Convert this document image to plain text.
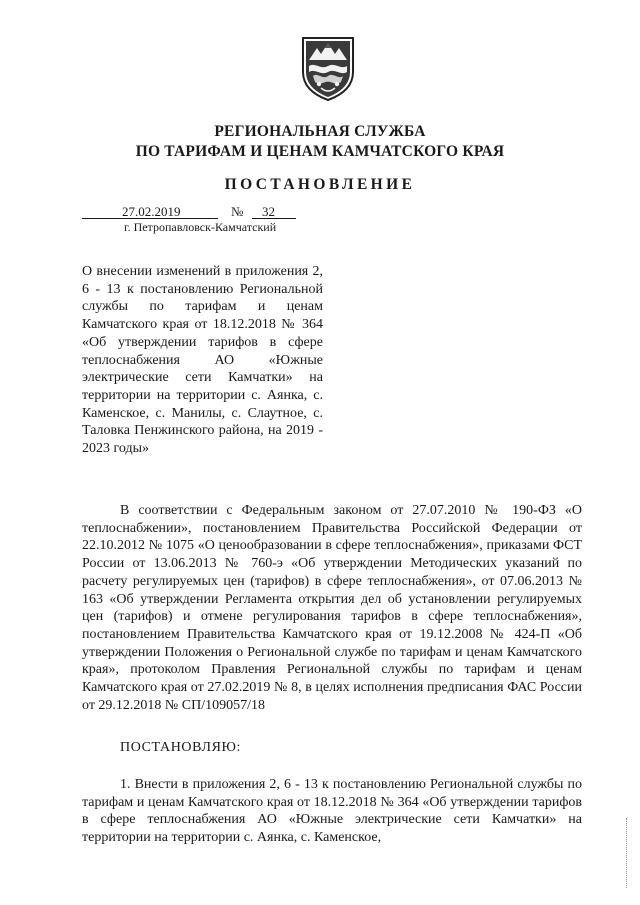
РЕГИОНАЛЬНАЯ СЛУЖБА
ПО ТАРИФАМ И ЦЕНАМ КАМЧАТСКОГО КРАЯ
ПОСТАНОВЛЕНИЕ
27.02.2019	№ 32
г. Петропавловск-Камчатский
О внесении изменений в приложения 2, 6 - 13 к постановлению Региональной службы по тарифам и ценам Камчатского края от 18.12.2018 № 364 «Об утверждении тарифов в сфере теплоснабжения АО «Южные электрические сети Камчатки» на территории на территории с. Аянка, с. Каменское, с. Манилы, с. Слаутное, с. Таловка Пенжинского района, на 2019 - 2023 годы»
В соответствии с Федеральным законом от 27.07.2010 № 190-ФЗ «О теплоснабжении», постановлением Правительства Российской Федерации от 22.10.2012 № 1075 «О ценообразовании в сфере теплоснабжения», приказами ФСТ России от 13.06.2013 № 760-э «Об утверждении Методических указаний по расчету регулируемых цен (тарифов) в сфере теплоснабжения», от 07.06.2013 № 163 «Об утверждении Регламента открытия дел об установлении регулируемых цен (тарифов) и отмене регулирования тарифов в сфере теплоснабжения», постановлением Правительства Камчатского края от 19.12.2008 № 424-П «Об утверждении Положения о Региональной службе по тарифам и ценам Камчатского края», протоколом Правления Региональной службы по тарифам и ценам Камчатского края от 27.02.2019 № 8, в целях исполнения предписания ФАС России от 29.12.2018 № СП/109057/18
ПОСТАНОВЛЯЮ:
1. Внести в приложения 2, 6 - 13 к постановлению Региональной службы по тарифам и ценам Камчатского края от 18.12.2018 № 364 «Об утверждении тарифов в сфере теплоснабжения АО «Южные электрические сети Камчатки» на территории на территории с. Аянка, с. Каменское,
